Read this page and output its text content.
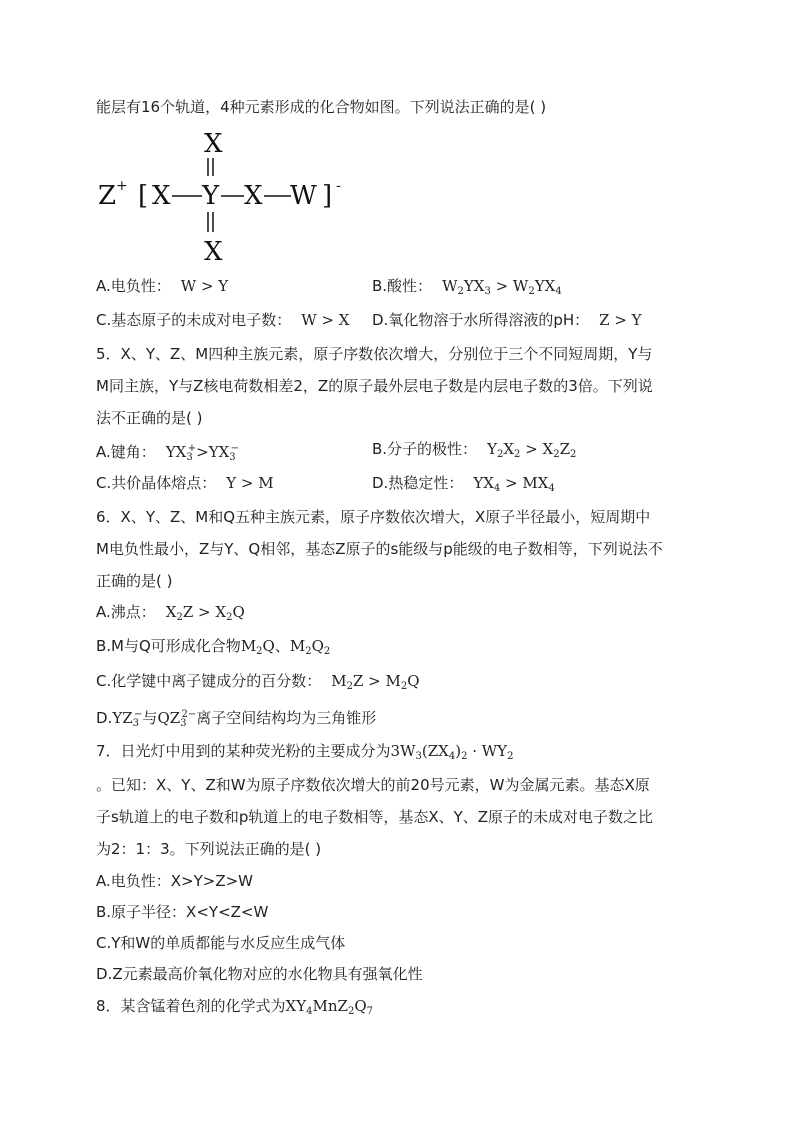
能层有16个轨道，4种元素形成的化合物如图。下列说法正确的是( )
X
Z + [ X Y X W ] -
X
A.电负性： W > Y	B.酸性： $W_2YX_3 > W_2YX_4$
C.基态原子的未成对电子数： W > X D.氧化物溶于水所得溶液的pH： Z > Y
5．X、Y、Z、M四种主族元素，原子序数依次增大，分别位于三个不同短周期，Y与
M同主族，Y与Z核电荷数相差2，Z的原子最外层电子数是内层电子数的3倍。下列说
法不正确的是( )
A.键角： $YX_3^+>YX_3^-$	B.分子的极性： $Y_2X_2 > X_2Z_2$
C.共价晶体熔点： Y > M	D.热稳定性： $YX_4 > MX_4$
6．X、Y、Z、M和Q五种主族元素，原子序数依次增大，X原子半径最小，短周期中
M电负性最小，Z与Y、Q相邻，基态Z原子的s能级与p能级的电子数相等，下列说法不
正确的是( )
A.沸点： $X_2Z > X_2Q$
B.M与Q可形成化合物$M_2Q$、$M_2Q_2$
C.化学键中离子键成分的百分数： $M_2Z > M_2Q$
$D.YZ_3^-$与$QZ_3^{2-}$离子空间结构均为三角锥形
7．日光灯中用到的某种荧光粉的主要成分为$3W_3(ZX_4)_2 \cdot WY_2$
。已知：X、Y、Z和W为原子序数依次增大的前20号元素，W为金属元素。基态X原
子s轨道上的电子数和p轨道上的电子数相等，基态X、Y、Z原子的未成对电子数之比
为2：1：3。下列说法正确的是( )
A.电负性：X>Y>Z>W
B.原子半径：X<Y<Z<W
C.Y和W的单质都能与水反应生成气体
D.Z元素最高价氧化物对应的水化物具有强氧化性
8．某含锰着色剂的化学式为$XY_4MnZ_2Q_7$
